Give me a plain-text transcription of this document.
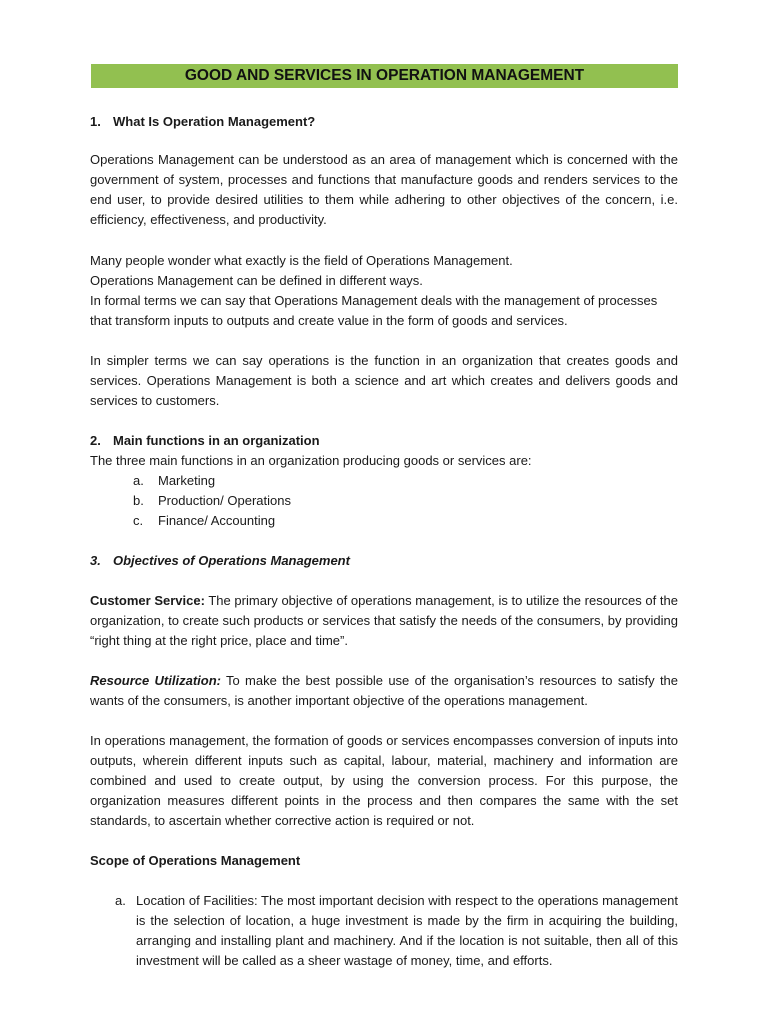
GOOD AND SERVICES IN OPERATION MANAGEMENT
1. What Is Operation Management?

Operations Management can be understood as an area of management which is concerned with the government of system, processes and functions that manufacture goods and renders services to the end user, to provide desired utilities to them while adhering to other objectives of the concern, i.e. efficiency, effectiveness, and productivity.

Many people wonder what exactly is the field of Operations Management.

Operations Management can be defined in different ways.

In formal terms we can say that Operations Management deals with the management of processes that transform inputs to outputs and create value in the form of goods and services.

In simpler terms we can say operations is the function in an organization that creates goods and services. Operations Management is both a science and art which creates and delivers goods and services to customers.

2. Main functions in an organization

The three main functions in an organization producing goods or services are:

a. Marketing
b. Production/ Operations
c. Finance/ Accounting
3. Objectives of Operations Management

Customer Service: The primary objective of operations management, is to utilize the resources of the organization, to create such products or services that satisfy the needs of the consumers, by providing “right thing at the right price, place and time”.

Resource Utilization: To make the best possible use of the organisation’s resources to satisfy the wants of the consumers, is another important objective of the operations management.

In operations management, the formation of goods or services encompasses conversion of inputs into outputs, wherein different inputs such as capital, labour, material, machinery and information are combined and used to create output, by using the conversion process. For this purpose, the organization measures different points in the process and then compares the same with the set standards, to ascertain whether corrective action is required or not.

Scope of Operations Management
a. Location of Facilities: The most important decision with respect to the operations management is the selection of location, a huge investment is made by the firm in acquiring the building, arranging and installing plant and machinery. And if the location is not suitable, then all of this investment will be called as a sheer wastage of money, time, and efforts.
